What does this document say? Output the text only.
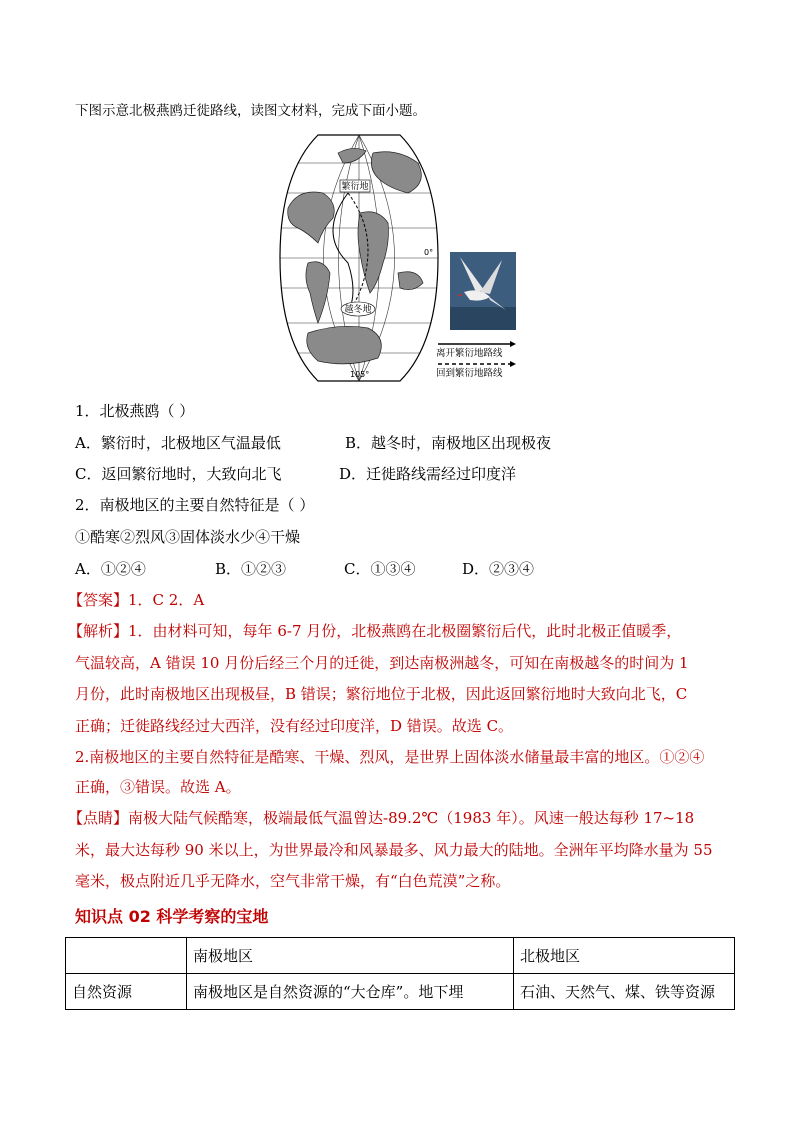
下图示意北极燕鸥迁徙路线，读图文材料，完成下面小题。
繁衍地
越冬地
0°
105°
离开繁衍地路线
回到繁衍地路线
1．北极燕鸥（ ）
A．繁衍时，北极地区气温最低	B．越冬时，南极地区出现极夜
C．返回繁衍地时，大致向北飞	D．迁徙路线需经过印度洋
2．南极地区的主要自然特征是（ ）
①酷寒②烈风③固体淡水少④干燥
A．①②④	B．①②③	C．①③④	D．②③④
【答案】1．C 2．A
【解析】1．由材料可知，每年 6-7 月份，北极燕鸥在北极圈繁衍后代，此时北极正值暖季，
气温较高，A 错误 10 月份后经三个月的迁徙，到达南极洲越冬，可知在南极越冬的时间为 1
月份，此时南极地区出现极昼，B 错误；繁衍地位于北极，因此返回繁衍地时大致向北飞，C
正确；迁徙路线经过大西洋，没有经过印度洋，D 错误。故选 C。
2.南极地区的主要自然特征是酷寒、干燥、烈风，是世界上固体淡水储量最丰富的地区。①②④
正确，③错误。故选 A。
【点睛】南极大陆气候酷寒，极端最低气温曾达-89.2℃（1983 年）。风速一般达每秒 17~18
米，最大达每秒 90 米以上，为世界最冷和风暴最多、风力最大的陆地。全洲年平均降水量为 55
毫米，极点附近几乎无降水，空气非常干燥，有“白色荒漠”之称。
知识点 02 科学考察的宝地
	南极地区	北极地区
自然资源	南极地区是自然资源的“大仓库”。地下埋	石油、天然气、煤、铁等资源
